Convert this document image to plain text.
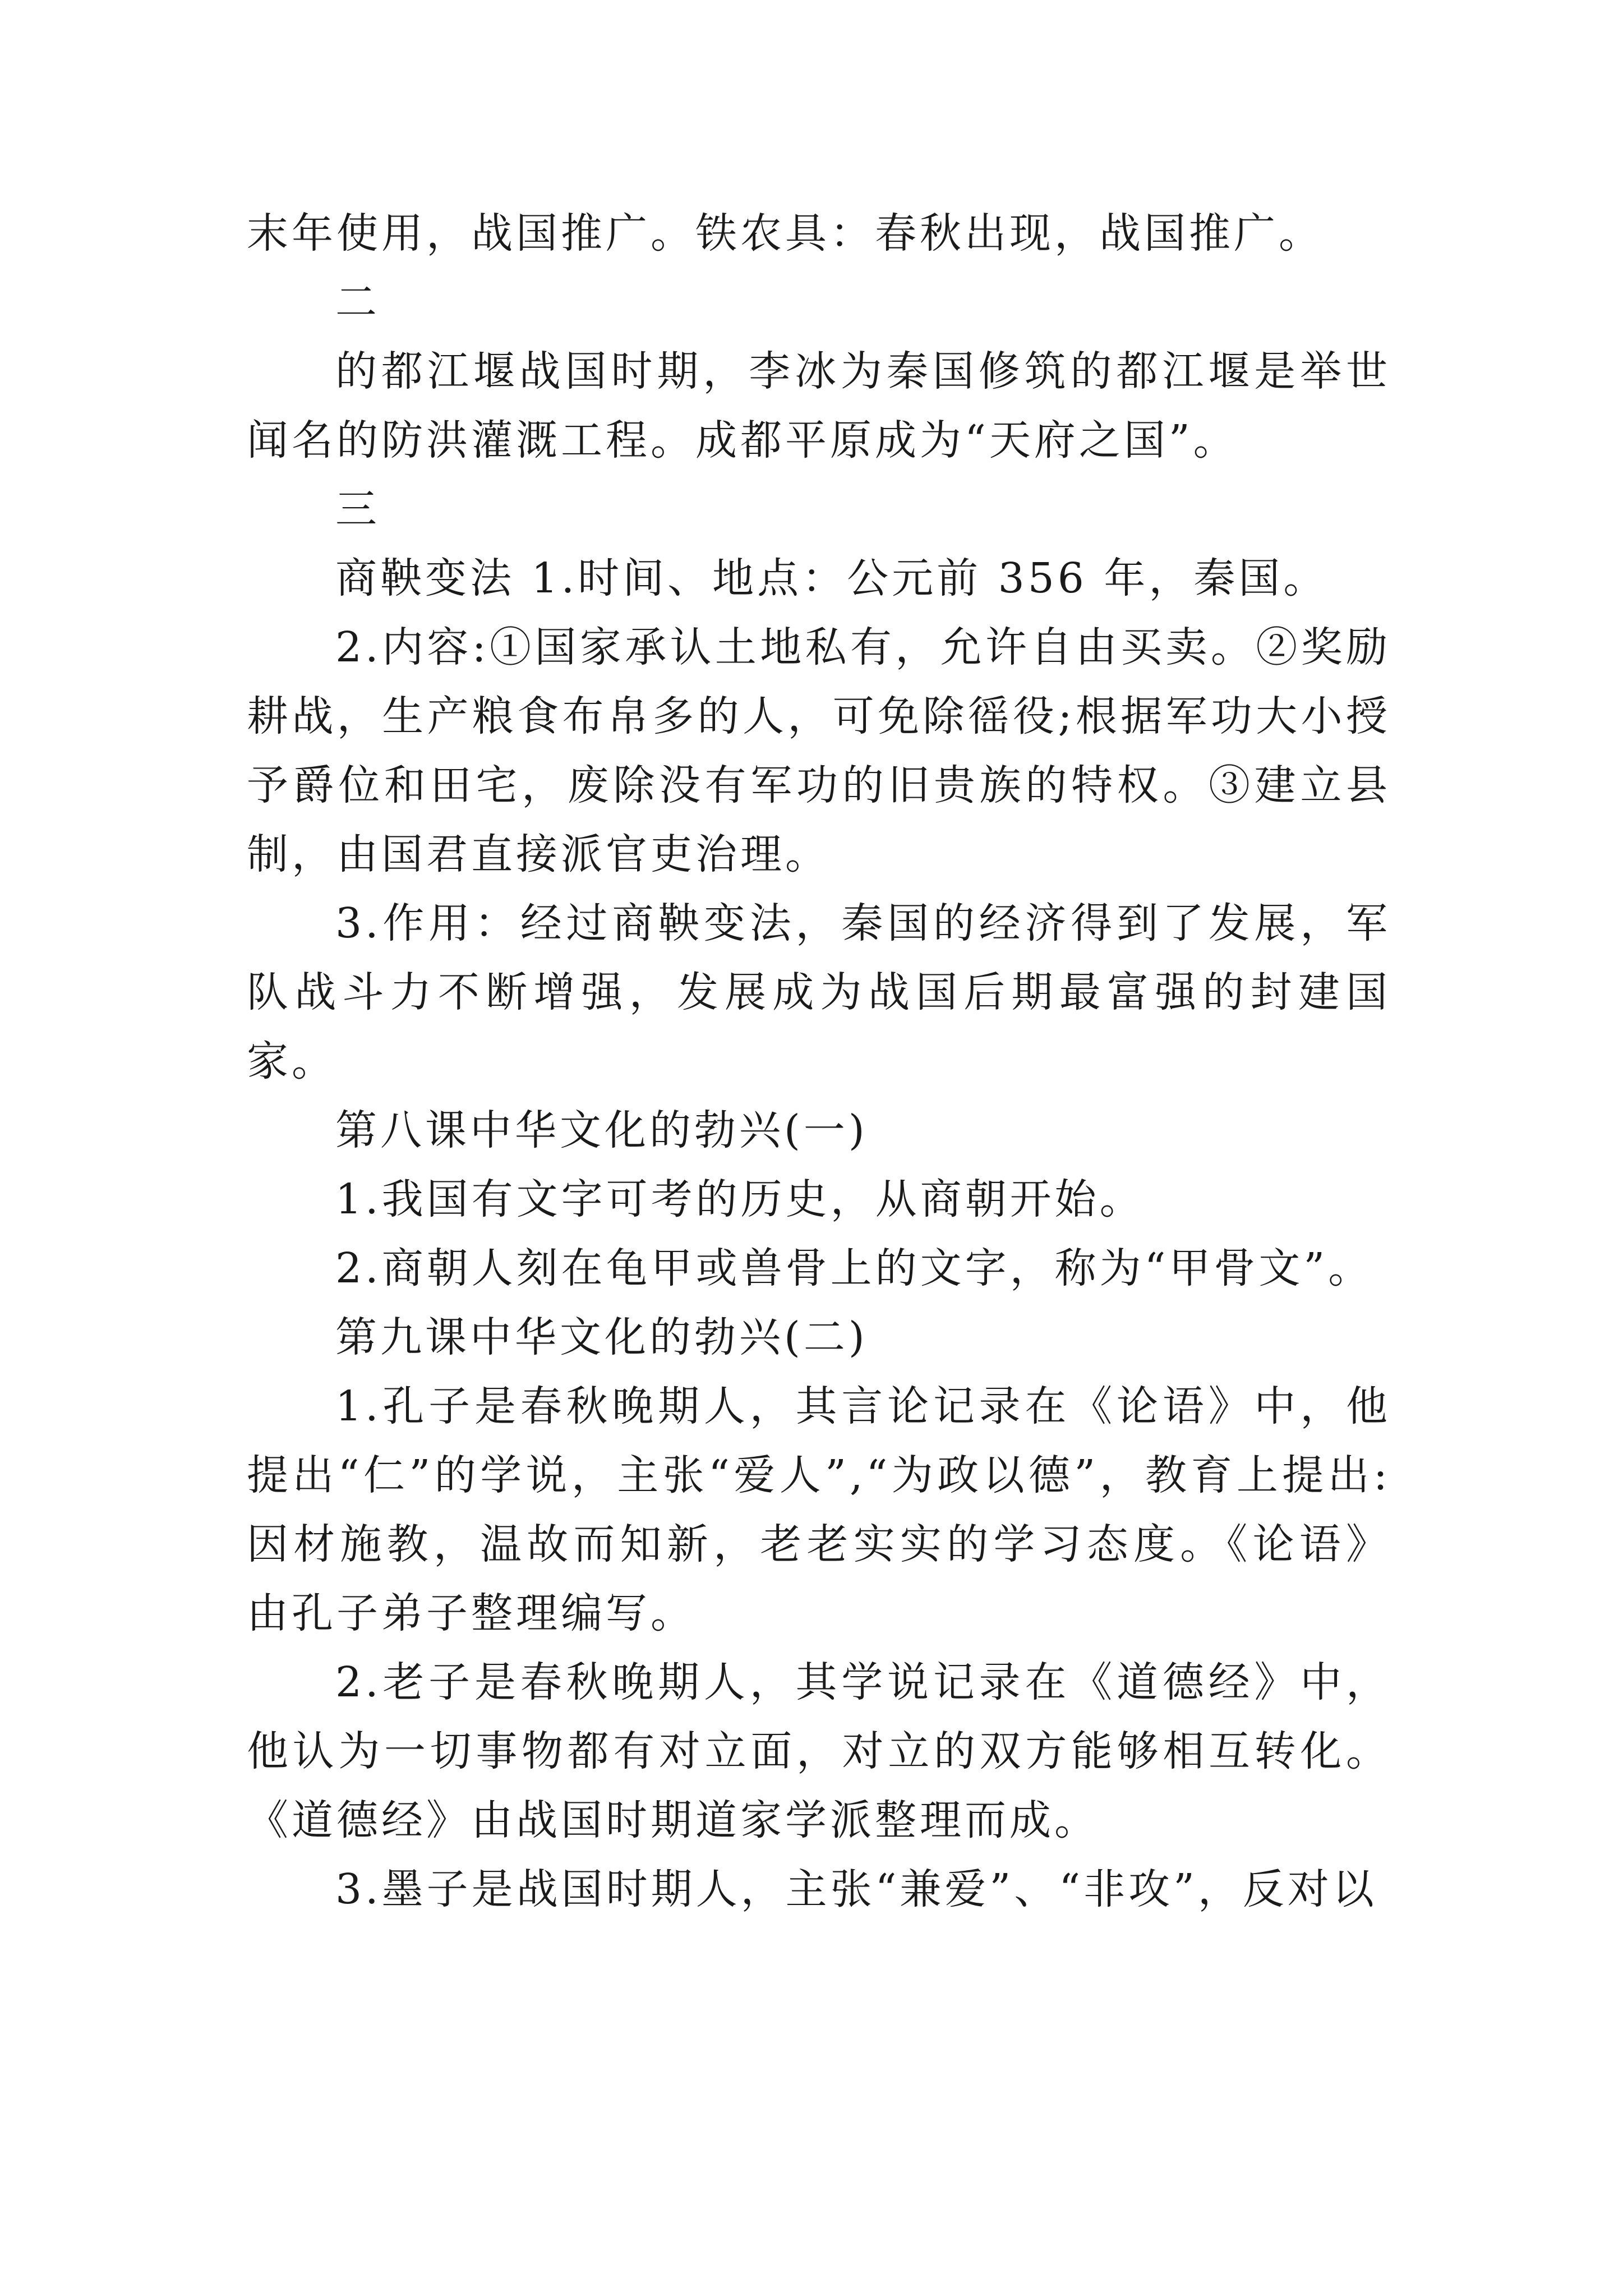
末年使用，战国推广。铁农具：春秋出现，战国推广。

二

的都江堰战国时期，李冰为秦国修筑的都江堰是举世闻名的防洪灌溉工程。成都平原成为“天府之国”。

三

商鞅变法 1.时间、地点：公元前 356 年，秦国。

2.内容:①国家承认土地私有，允许自由买卖。②奖励耕战，生产粮食布帛多的人，可免除徭役;根据军功大小授予爵位和田宅，废除没有军功的旧贵族的特权。③建立县制，由国君直接派官吏治理。

3.作用：经过商鞅变法，秦国的经济得到了发展，军队战斗力不断增强，发展成为战国后期最富强的封建国家。

第八课中华文化的勃兴(一)

1.我国有文字可考的历史，从商朝开始。

2.商朝人刻在龟甲或兽骨上的文字，称为“甲骨文”。

第九课中华文化的勃兴(二)

1.孔子是春秋晚期人，其言论记录在《论语》中，他提出“仁”的学说，主张“爱人”,“为政以德”，教育上提出:因材施教，温故而知新，老老实实的学习态度。《论语》由孔子弟子整理编写。

2.老子是春秋晚期人，其学说记录在《道德经》中，他认为一切事物都有对立面，对立的双方能够相互转化。《道德经》由战国时期道家学派整理而成。

3.墨子是战国时期人，主张“兼爱”、“非攻”，反对以
